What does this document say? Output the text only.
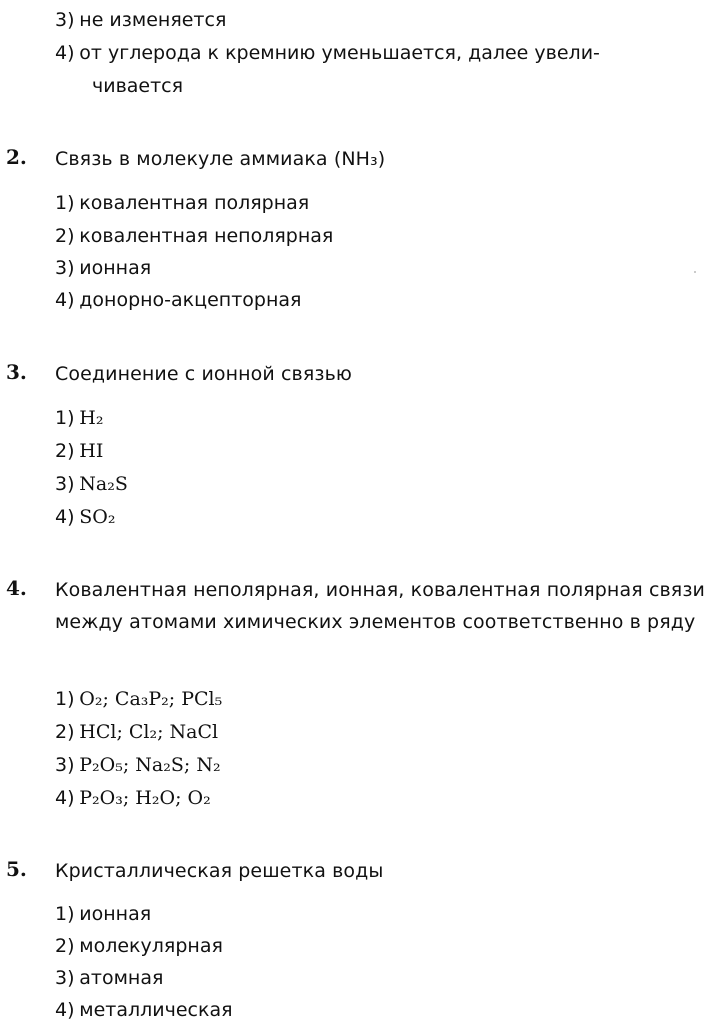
3) не изменяется
4) от углерода к кремнию уменьшается, далее увели-

чивается

2. Связь в молекуле аммиака (NH₃)

1) ковалентная полярная
2) ковалентная неполярная
3) ионная
4) донорно-акцепторная
3. Соединение с ионной связью

1) H₂
2) HI
3) Na₂S
4) SO₂
4. Ковалентная неполярная, ионная, ковалентная полярная связи между атомами химических элементов соответственно в ряду

1) O₂; Ca₃P₂; PCl₅
2) HCl; Cl₂; NaCl
3) P₂O₅; Na₂S; N₂
4) P₂O₃; H₂O; O₂
5. Кристаллическая решетка воды

1) ионная
2) молекулярная
3) атомная
4) металлическая
